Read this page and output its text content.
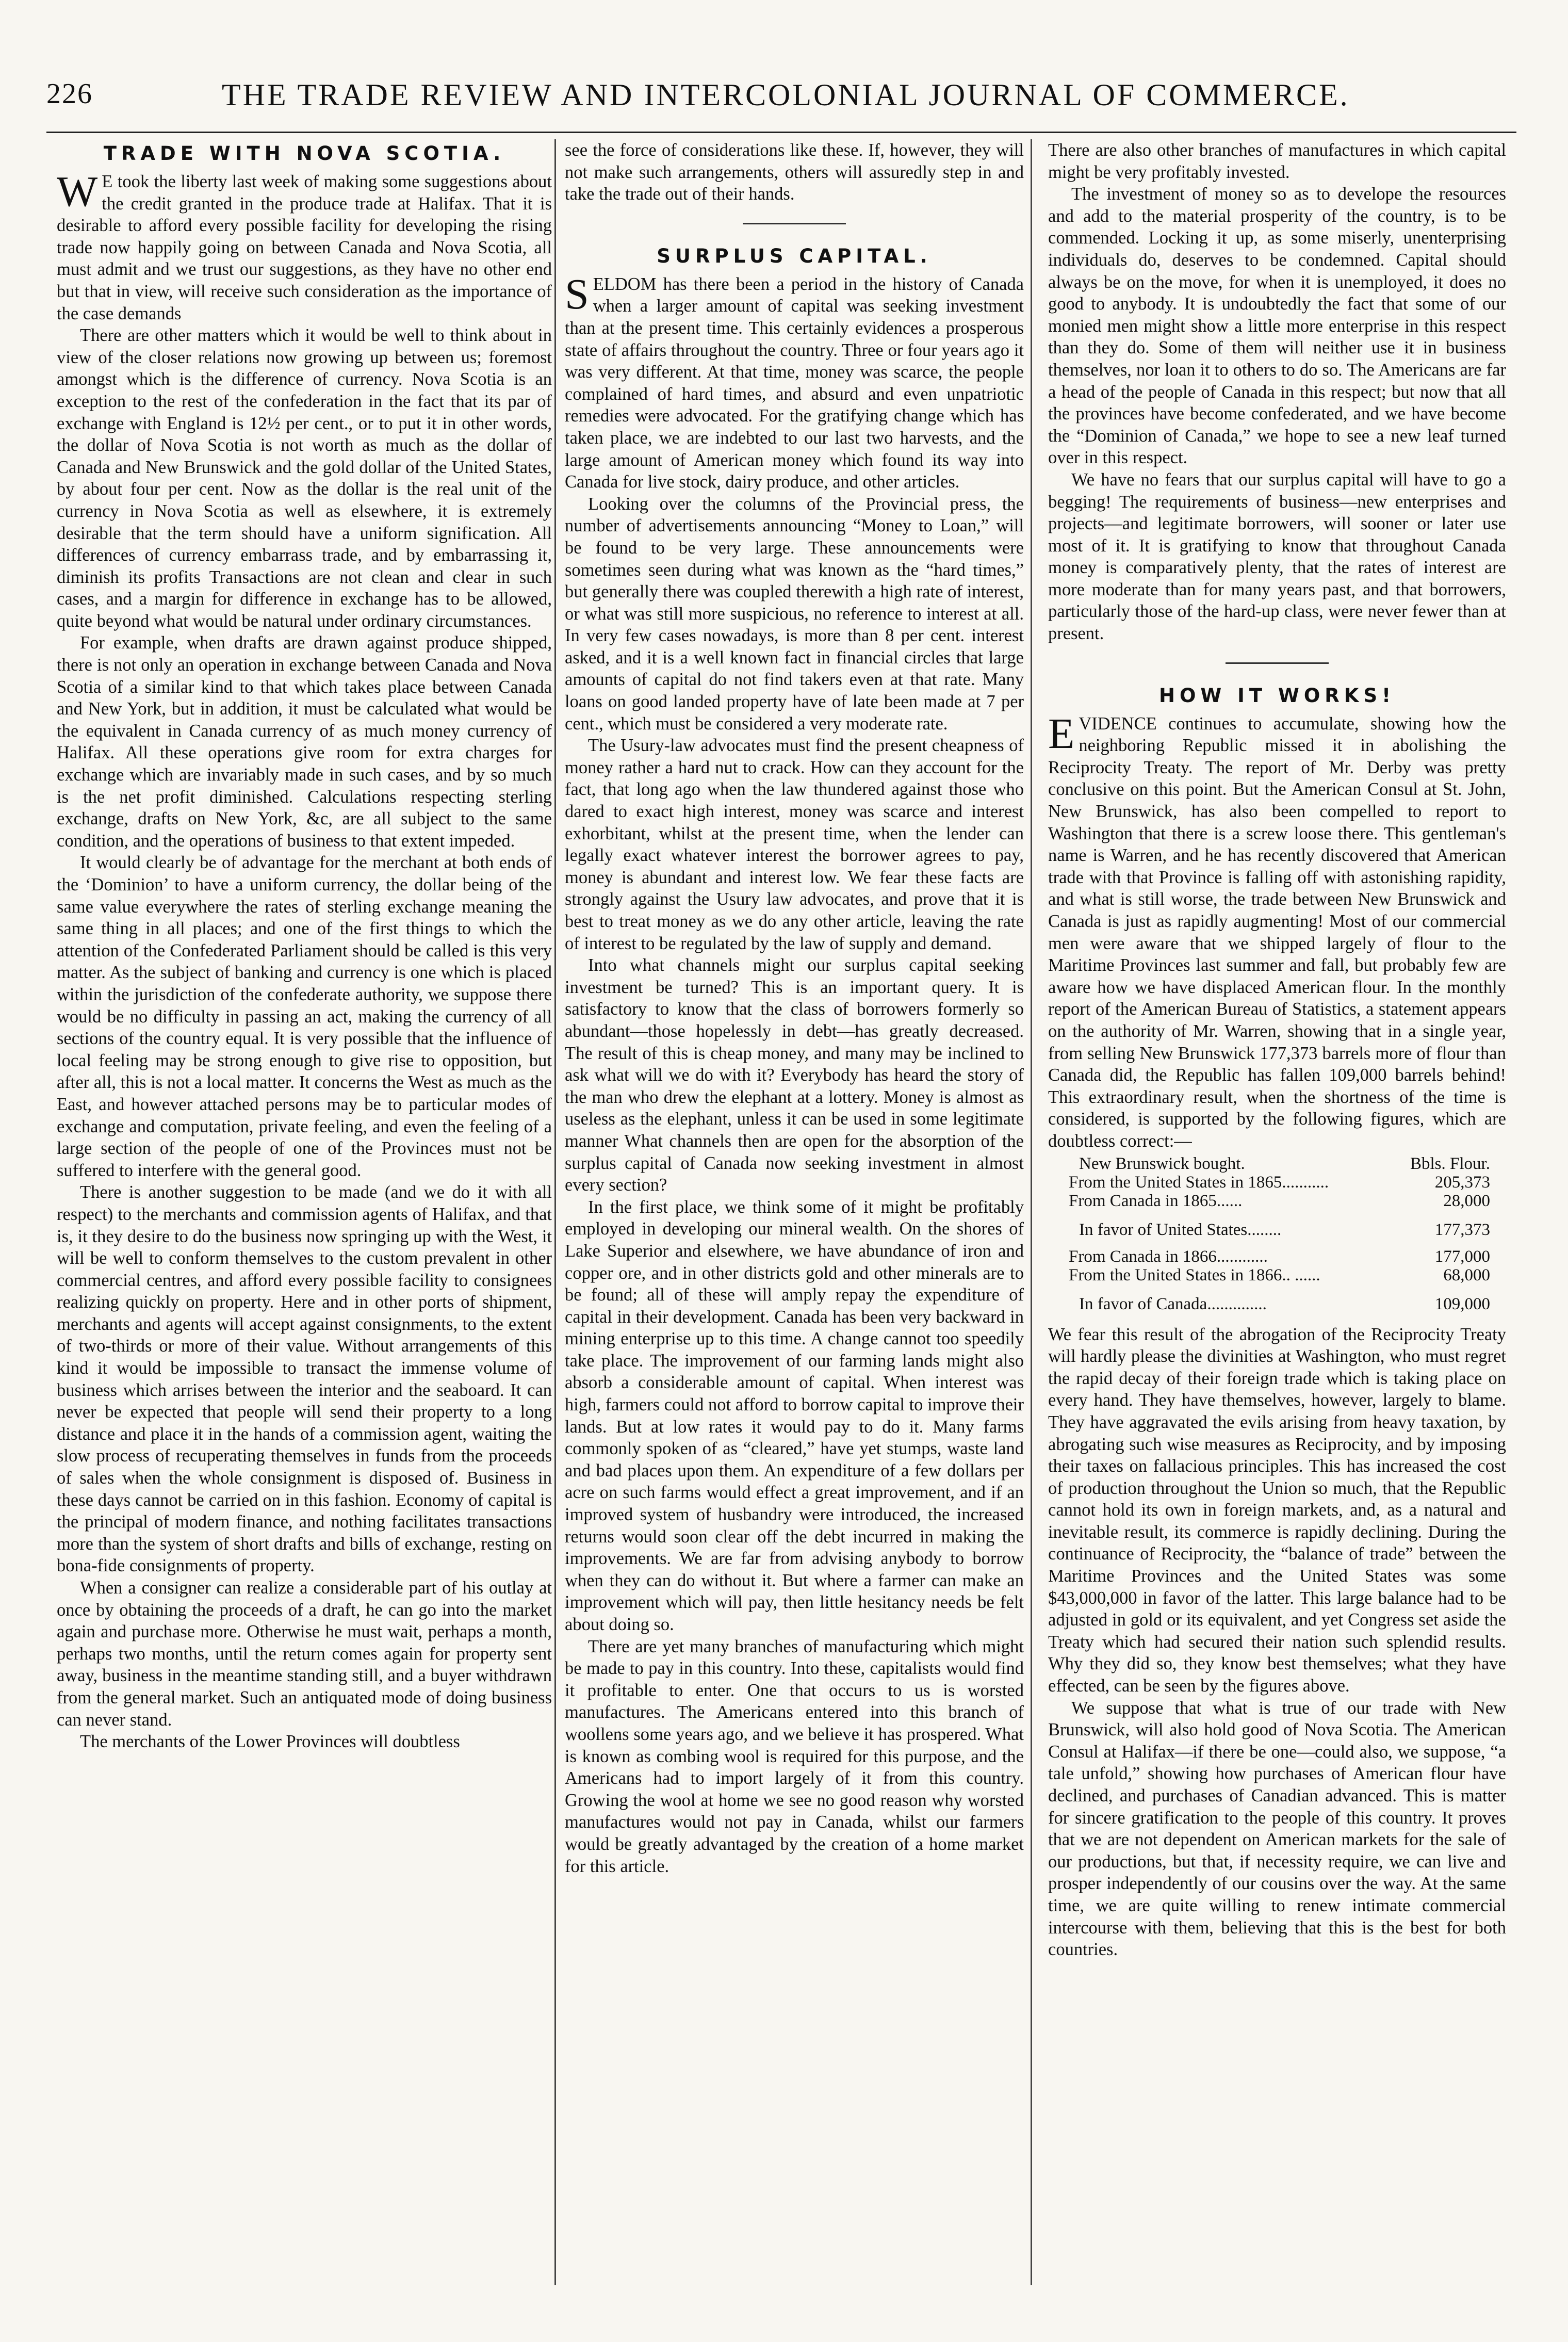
226	THE TRADE REVIEW AND INTERCOLONIAL JOURNAL OF COMMERCE.
TRADE WITH NOVA SCOTIA.

W E took the liberty last week of making some suggestions about the credit granted in the produce trade at Halifax. That it is desirable to afford every possible facility for developing the rising trade now happily going on between Canada and Nova Scotia, all must admit and we trust our suggestions, as they have no other end but that in view, will receive such consideration as the importance of the case demands

There are other matters which it would be well to think about in view of the closer relations now growing up between us; foremost amongst which is the difference of currency. Nova Scotia is an exception to the rest of the confederation in the fact that its par of exchange with England is 12½ per cent., or to put it in other words, the dollar of Nova Scotia is not worth as much as the dollar of Canada and New Brunswick and the gold dollar of the United States, by about four per cent. Now as the dollar is the real unit of the currency in Nova Scotia as well as elsewhere, it is extremely desirable that the term should have a uniform signification. All differences of currency embarrass trade, and by embarrassing it, diminish its profits Transactions are not clean and clear in such cases, and a margin for difference in exchange has to be allowed, quite beyond what would be natural under ordinary circumstances.

For example, when drafts are drawn against produce shipped, there is not only an operation in exchange between Canada and Nova Scotia of a similar kind to that which takes place between Canada and New York, but in addition, it must be calculated what would be the equivalent in Canada currency of as much money currency of Halifax. All these operations give room for extra charges for exchange which are invariably made in such cases, and by so much is the net profit diminished. Calculations respecting sterling exchange, drafts on New York, &c, are all subject to the same condition, and the operations of business to that extent impeded.

It would clearly be of advantage for the merchant at both ends of the ‘Dominion’ to have a uniform currency, the dollar being of the same value everywhere the rates of sterling exchange meaning the same thing in all places; and one of the first things to which the attention of the Confederated Parliament should be called is this very matter. As the subject of banking and currency is one which is placed within the jurisdiction of the confederate authority, we suppose there would be no difficulty in passing an act, making the currency of all sections of the country equal. It is very possible that the influence of local feeling may be strong enough to give rise to opposition, but after all, this is not a local matter. It concerns the West as much as the East, and however attached persons may be to particular modes of exchange and computation, private feeling, and even the feeling of a large section of the people of one of the Provinces must not be suffered to interfere with the general good.

There is another suggestion to be made (and we do it with all respect) to the merchants and commission agents of Halifax, and that is, it they desire to do the business now springing up with the West, it will be well to conform themselves to the custom prevalent in other commercial centres, and afford every possible facility to consignees realizing quickly on property. Here and in other ports of shipment, merchants and agents will accept against consignments, to the extent of two-thirds or more of their value. Without arrangements of this kind it would be impossible to transact the immense volume of business which arrises between the interior and the seaboard. It can never be expected that people will send their property to a long distance and place it in the hands of a commission agent, waiting the slow process of recuperating themselves in funds from the proceeds of sales when the whole consignment is disposed of. Business in these days cannot be carried on in this fashion. Economy of capital is the principal of modern finance, and nothing facilitates transactions more than the system of short drafts and bills of exchange, resting on bona-fide consignments of property.

When a consigner can realize a considerable part of his outlay at once by obtaining the proceeds of a draft, he can go into the market again and purchase more. Otherwise he must wait, perhaps a month, perhaps two months, until the return comes again for property sent away, business in the meantime standing still, and a buyer withdrawn from the general market. Such an antiquated mode of doing business can never stand.

The merchants of the Lower Provinces will doubtless

see the force of considerations like these. If, however, they will not make such arrangements, others will assuredly step in and take the trade out of their hands.

SURPLUS CAPITAL.

SELDOM has there been a period in the history of Canada when a larger amount of capital was seeking investment than at the present time. This certainly evidences a prosperous state of affairs throughout the country. Three or four years ago it was very different. At that time, money was scarce, the people complained of hard times, and absurd and even unpatriotic remedies were advocated. For the gratifying change which has taken place, we are indebted to our last two harvests, and the large amount of American money which found its way into Canada for live stock, dairy produce, and other articles.

Looking over the columns of the Provincial press, the number of advertisements announcing “Money to Loan,” will be found to be very large. These announcements were sometimes seen during what was known as the “hard times,” but generally there was coupled therewith a high rate of interest, or what was still more suspicious, no reference to interest at all. In very few cases nowadays, is more than 8 per cent. interest asked, and it is a well known fact in financial circles that large amounts of capital do not find takers even at that rate. Many loans on good landed property have of late been made at 7 per cent., which must be considered a very moderate rate.

The Usury-law advocates must find the present cheapness of money rather a hard nut to crack. How can they account for the fact, that long ago when the law thundered against those who dared to exact high interest, money was scarce and interest exhorbitant, whilst at the present time, when the lender can legally exact whatever interest the borrower agrees to pay, money is abundant and interest low. We fear these facts are strongly against the Usury law advocates, and prove that it is best to treat money as we do any other article, leaving the rate of interest to be regulated by the law of supply and demand.

Into what channels might our surplus capital seeking investment be turned? This is an important query. It is satisfactory to know that the class of borrowers formerly so abundant—those hopelessly in debt—has greatly decreased. The result of this is cheap money, and many may be inclined to ask what will we do with it? Everybody has heard the story of the man who drew the elephant at a lottery. Money is almost as useless as the elephant, unless it can be used in some legitimate manner What channels then are open for the absorption of the surplus capital of Canada now seeking investment in almost every section?

In the first place, we think some of it might be profitably employed in developing our mineral wealth. On the shores of Lake Superior and elsewhere, we have abundance of iron and copper ore, and in other districts gold and other minerals are to be found; all of these will amply repay the expenditure of capital in their development. Canada has been very backward in mining enterprise up to this time. A change cannot too speedily take place. The improvement of our farming lands might also absorb a considerable amount of capital. When interest was high, farmers could not afford to borrow capital to improve their lands. But at low rates it would pay to do it. Many farms commonly spoken of as “cleared,” have yet stumps, waste land and bad places upon them. An expenditure of a few dollars per acre on such farms would effect a great improvement, and if an improved system of husbandry were introduced, the increased returns would soon clear off the debt incurred in making the improvements. We are far from advising anybody to borrow when they can do without it. But where a farmer can make an improvement which will pay, then little hesitancy needs be felt about doing so.

There are yet many branches of manufacturing which might be made to pay in this country. Into these, capitalists would find it profitable to enter. One that occurs to us is worsted manufactures. The Americans entered into this branch of woollens some years ago, and we believe it has prospered. What is known as combing wool is required for this purpose, and the Americans had to import largely of it from this country. Growing the wool at home we see no good reason why worsted manufactures would not pay in Canada, whilst our farmers would be greatly advantaged by the creation of a home market for this article.

There are also other branches of manufactures in which capital might be very profitably invested.

The investment of money so as to develope the resources and add to the material prosperity of the country, is to be commended. Locking it up, as some miserly, unenterprising individuals do, deserves to be condemned. Capital should always be on the move, for when it is unemployed, it does no good to anybody. It is undoubtedly the fact that some of our monied men might show a little more enterprise in this respect than they do. Some of them will neither use it in business themselves, nor loan it to others to do so. The Americans are far a head of the people of Canada in this respect; but now that all the provinces have become confederated, and we have become the “Dominion of Canada,” we hope to see a new leaf turned over in this respect.

We have no fears that our surplus capital will have to go a begging! The requirements of business—new enterprises and projects—and legitimate borrowers, will sooner or later use most of it. It is gratifying to know that throughout Canada money is comparatively plenty, that the rates of interest are more moderate than for many years past, and that borrowers, particularly those of the hard-up class, were never fewer than at present.

HOW IT WORKS!

EVIDENCE continues to accumulate, showing how the neighboring Republic missed it in abolishing the Reciprocity Treaty. The report of Mr. Derby was pretty conclusive on this point. But the American Consul at St. John, New Brunswick, has also been compelled to report to Washington that there is a screw loose there. This gentleman's name is Warren, and he has recently discovered that American trade with that Province is falling off with astonishing rapidity, and what is still worse, the trade between New Brunswick and Canada is just as rapidly augmenting! Most of our commercial men were aware that we shipped largely of flour to the Maritime Provinces last summer and fall, but probably few are aware how we have displaced American flour. In the monthly report of the American Bureau of Statistics, a statement appears on the authority of Mr. Warren, showing that in a single year, from selling New Brunswick 177,373 barrels more of flour than Canada did, the Republic has fallen 109,000 barrels behind! This extraordinary result, when the shortness of the time is considered, is supported by the following figures, which are doubtless correct:—

New Brunswick bought.	Bbls. Flour.
From the United States in 1865...........	205,373
From Canada in 1865......	28,000
In favor of United States........	177,373
From Canada in 1866............	177,000
From the United States in 1866.. ......	68,000
In favor of Canada..............	109,000

We fear this result of the abrogation of the Reciprocity Treaty will hardly please the divinities at Washington, who must regret the rapid decay of their foreign trade which is taking place on every hand. They have themselves, however, largely to blame. They have aggravated the evils arising from heavy taxation, by abrogating such wise measures as Reciprocity, and by imposing their taxes on fallacious principles. This has increased the cost of production throughout the Union so much, that the Republic cannot hold its own in foreign markets, and, as a natural and inevitable result, its commerce is rapidly declining. During the continuance of Reciprocity, the “balance of trade” between the Maritime Provinces and the United States was some $43,000,000 in favor of the latter. This large balance had to be adjusted in gold or its equivalent, and yet Congress set aside the Treaty which had secured their nation such splendid results. Why they did so, they know best themselves; what they have effected, can be seen by the figures above.

We suppose that what is true of our trade with New Brunswick, will also hold good of Nova Scotia. The American Consul at Halifax—if there be one—could also, we suppose, “a tale unfold,” showing how purchases of American flour have declined, and purchases of Canadian advanced. This is matter for sincere gratification to the people of this country. It proves that we are not dependent on American markets for the sale of our productions, but that, if necessity require, we can live and prosper independently of our cousins over the way. At the same time, we are quite willing to renew intimate commercial intercourse with them, believing that this is the best for both countries.
